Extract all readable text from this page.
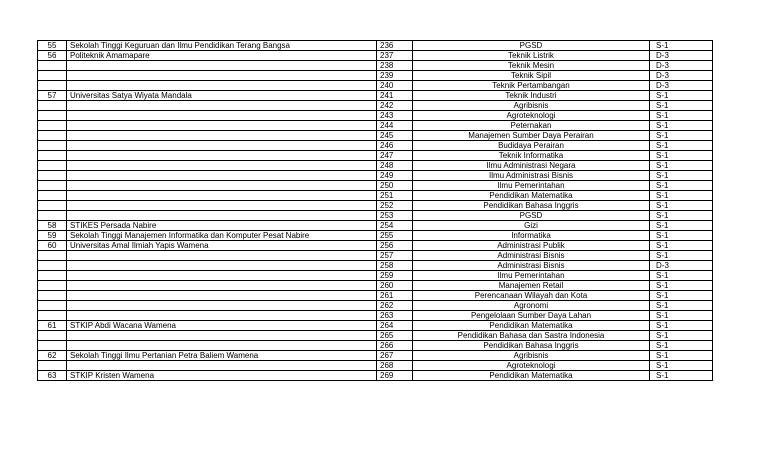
55	Sekolah Tinggi Keguruan dan Ilmu Pendidikan Terang Bangsa	236	PGSD	S-1
56	Politeknik Amamapare	237	Teknik Listrik	D-3
		238	Teknik Mesin	D-3
		239	Teknik Sipil	D-3
		240	Teknik Pertambangan	D-3
57	Universitas Satya Wiyata Mandala	241	Teknik Industri	S-1
		242	Agribisnis	S-1
		243	Agroteknologi	S-1
		244	Peternakan	S-1
		245	Manajemen Sumber Daya Perairan	S-1
		246	Budidaya Perairan	S-1
		247	Teknik Informatika	S-1
		248	Ilmu Administrasi Negara	S-1
		249	Ilmu Administrasi Bisnis	S-1
		250	Ilmu Pemerintahan	S-1
		251	Pendidikan Matematika	S-1
		252	Pendidikan Bahasa Inggris	S-1
		253	PGSD	S-1
58	STIKES Persada Nabire	254	Gizi	S-1
59	Sekolah Tinggi Manajemen Informatika dan Komputer Pesat Nabire	255	Informatika	S-1
60	Universitas Amal Ilmiah Yapis Wamena	256	Administrasi Publik	S-1
		257	Administrasi Bisnis	S-1
		258	Administrasi Bisnis	D-3
		259	Ilmu Pemerintahan	S-1
		260	Manajemen Retail	S-1
		261	Perencanaan Wilayah dan Kota	S-1
		262	Agronomi	S-1
		263	Pengelolaan Sumber Daya Lahan	S-1
61	STKIP Abdi Wacana Wamena	264	Pendidikan Matematika	S-1
		265	Pendidikan Bahasa dan Sastra Indonesia	S-1
		266	Pendidikan Bahasa Inggris	S-1
62	Sekolah Tinggi Ilmu Pertanian Petra Baliem Wamena	267	Agribisnis	S-1
		268	Agroteknologi	S-1
63	STKIP Kristen Wamena	269	Pendidikan Matematika	S-1
